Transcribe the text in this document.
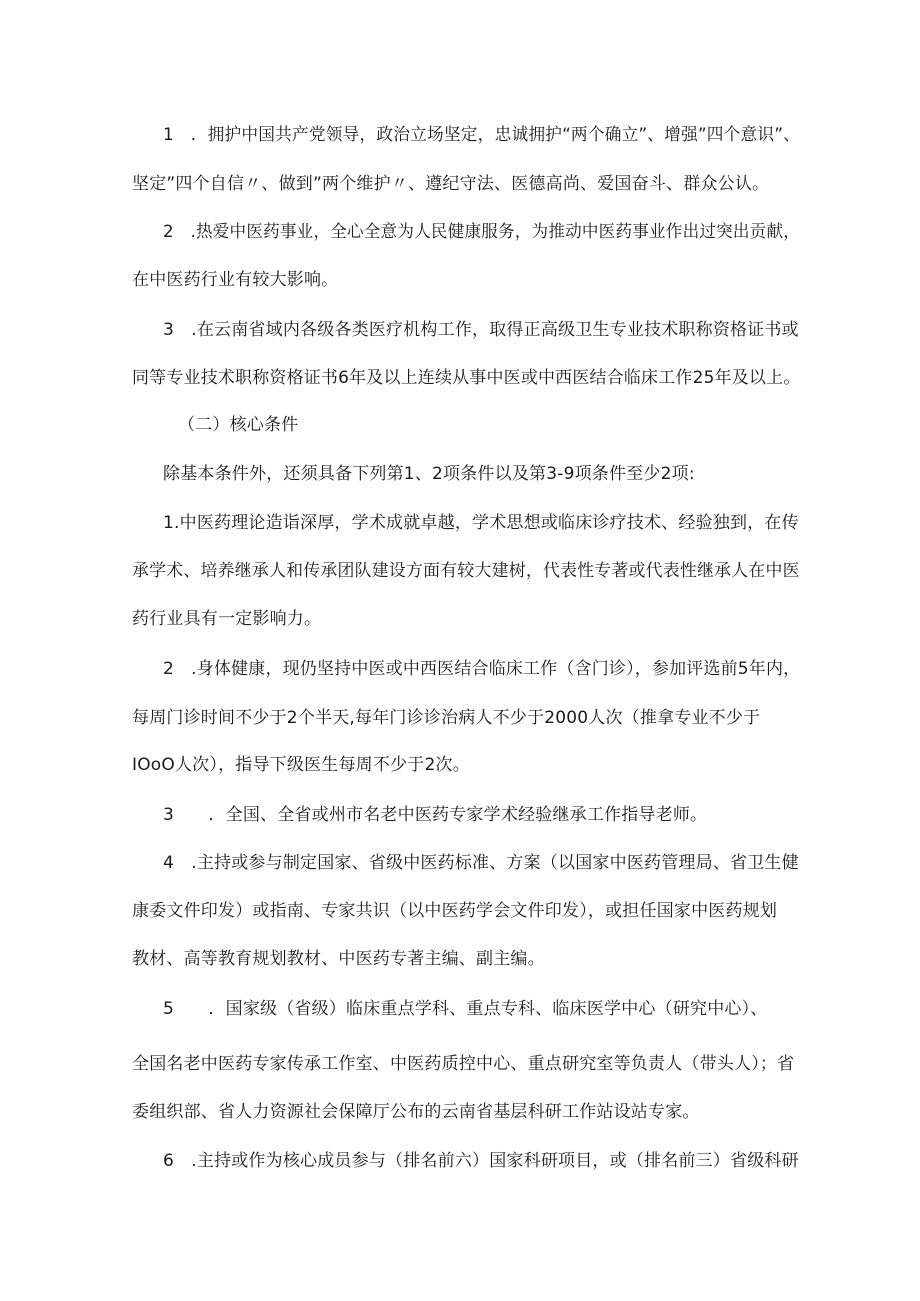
1　．拥护中国共产党领导，政治立场坚定，忠诚拥护“两个确立”、增强”四个意识”、
坚定”四个自信〃、做到”两个维护〃、遵纪守法、医德高尚、爱国奋斗、群众公认。
2　.热爱中医药事业，全心全意为人民健康服务，为推动中医药事业作出过突出贡献，
在中医药行业有较大影响。
3　.在云南省域内各级各类医疗机构工作，取得正高级卫生专业技术职称资格证书或
同等专业技术职称资格证书6年及以上连续从事中医或中西医结合临床工作25年及以上。
（二）核心条件
除基本条件外，还须具备下列第1、2项条件以及第3-9项条件至少2项:
1.中医药理论造诣深厚，学术成就卓越，学术思想或临床诊疗技术、经验独到，在传
承学术、培养继承人和传承团队建设方面有较大建树，代表性专著或代表性继承人在中医
药行业具有一定影响力。
2　.身体健康，现仍坚持中医或中西医结合临床工作（含门诊），参加评选前5年内，
每周门诊时间不少于2个半天,每年门诊诊治病人不少于2000人次（推拿专业不少于
IOoO人次），指导下级医生每周不少于2次。
3　　．全国、全省或州市名老中医药专家学术经验继承工作指导老师。
4　.主持或参与制定国家、省级中医药标准、方案（以国家中医药管理局、省卫生健
康委文件印发）或指南、专家共识（以中医药学会文件印发），或担任国家中医药规划
教材、高等教育规划教材、中医药专著主编、副主编。
5　　．国家级（省级）临床重点学科、重点专科、临床医学中心（研究中心）、
全国名老中医药专家传承工作室、中医药质控中心、重点研究室等负责人（带头人）；省
委组织部、省人力资源社会保障厅公布的云南省基层科研工作站设站专家。
6　.主持或作为核心成员参与（排名前六）国家科研项目，或（排名前三）省级科研
